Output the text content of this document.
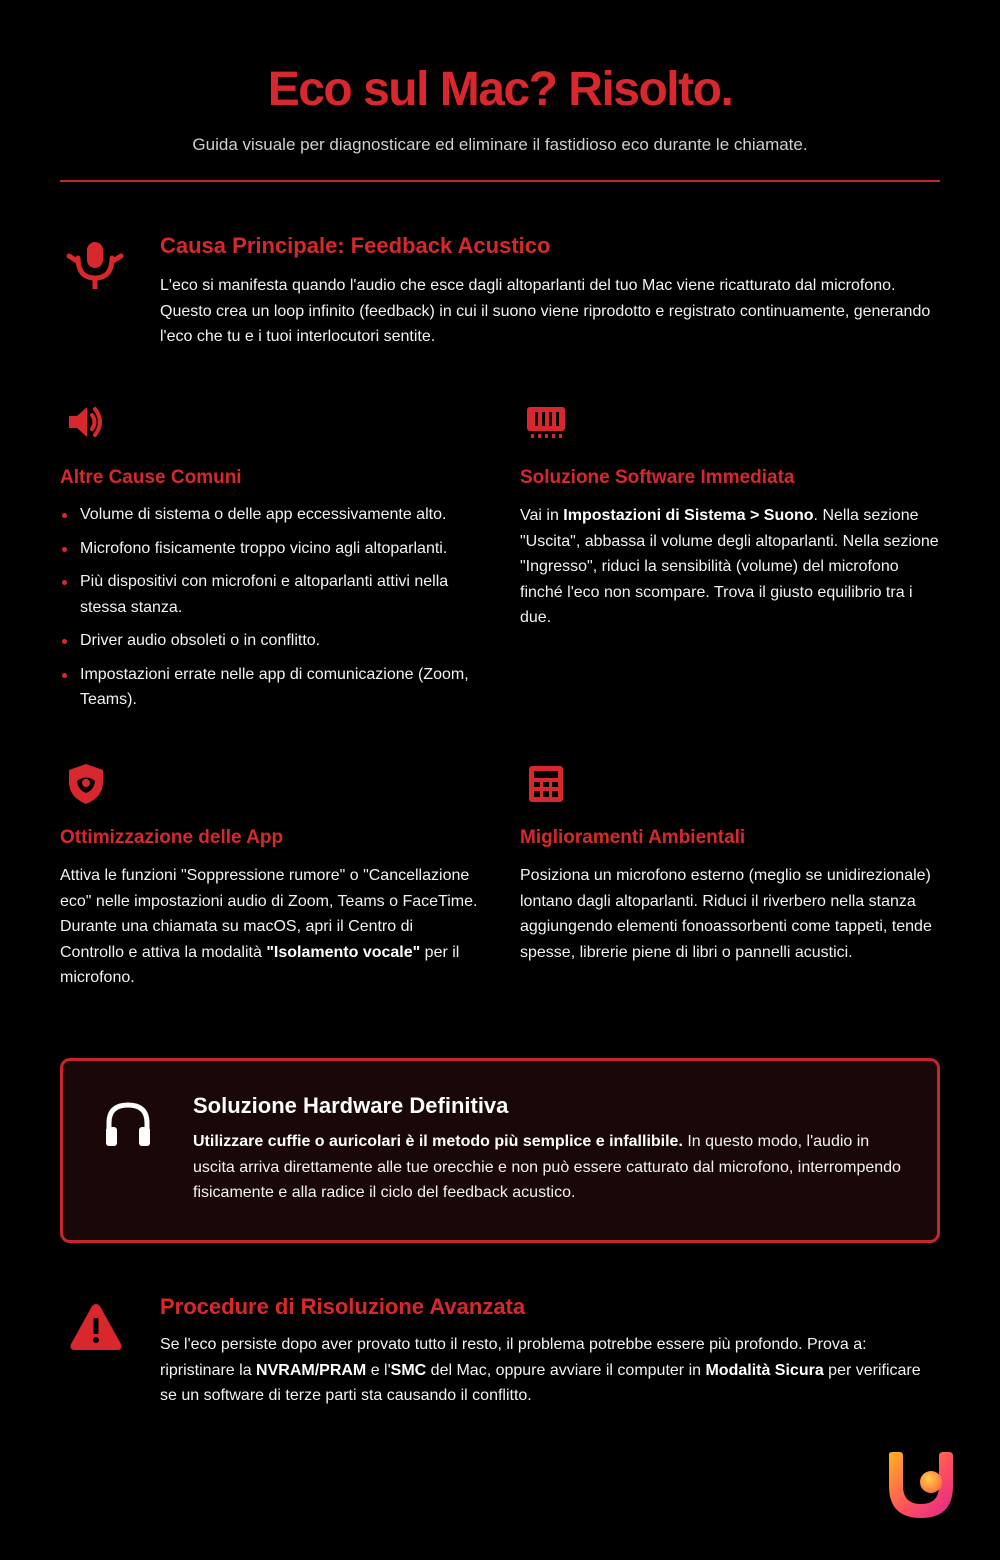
Eco sul Mac? Risolto.

Guida visuale per diagnosticare ed eliminare il fastidioso eco durante le chiamate.

Causa Principale: Feedback Acustico

L'eco si manifesta quando l'audio che esce dagli altoparlanti del tuo Mac viene ricatturato dal microfono. Questo crea un loop infinito (feedback) in cui il suono viene riprodotto e registrato continuamente, generando l'eco che tu e i tuoi interlocutori sentite.

Altre Cause Comuni
Volume di sistema o delle app eccessivamente alto.
Microfono fisicamente troppo vicino agli altoparlanti.
Più dispositivi con microfoni e altoparlanti attivi nella stessa stanza.
Driver audio obsoleti o in conflitto.
Impostazioni errate nelle app di comunicazione (Zoom, Teams).
Soluzione Software Immediata

Vai in Impostazioni di Sistema > Suono. Nella sezione "Uscita", abbassa il volume degli altoparlanti. Nella sezione "Ingresso", riduci la sensibilità (volume) del microfono finché l'eco non scompare. Trova il giusto equilibrio tra i due.

Ottimizzazione delle App

Attiva le funzioni "Soppressione rumore" o "Cancellazione eco" nelle impostazioni audio di Zoom, Teams o FaceTime. Durante una chiamata su macOS, apri il Centro di Controllo e attiva la modalità "Isolamento vocale" per il microfono.

Miglioramenti Ambientali

Posiziona un microfono esterno (meglio se unidirezionale) lontano dagli altoparlanti. Riduci il riverbero nella stanza aggiungendo elementi fonoassorbenti come tappeti, tende spesse, librerie piene di libri o pannelli acustici.

Soluzione Hardware Definitiva

Utilizzare cuffie o auricolari è il metodo più semplice e infallibile. In questo modo, l'audio in uscita arriva direttamente alle tue orecchie e non può essere catturato dal microfono, interrompendo fisicamente e alla radice il ciclo del feedback acustico.

Procedure di Risoluzione Avanzata

Se l'eco persiste dopo aver provato tutto il resto, il problema potrebbe essere più profondo. Prova a: ripristinare la NVRAM/PRAM e l'SMC del Mac, oppure avviare il computer in Modalità Sicura per verificare se un software di terze parti sta causando il conflitto.
